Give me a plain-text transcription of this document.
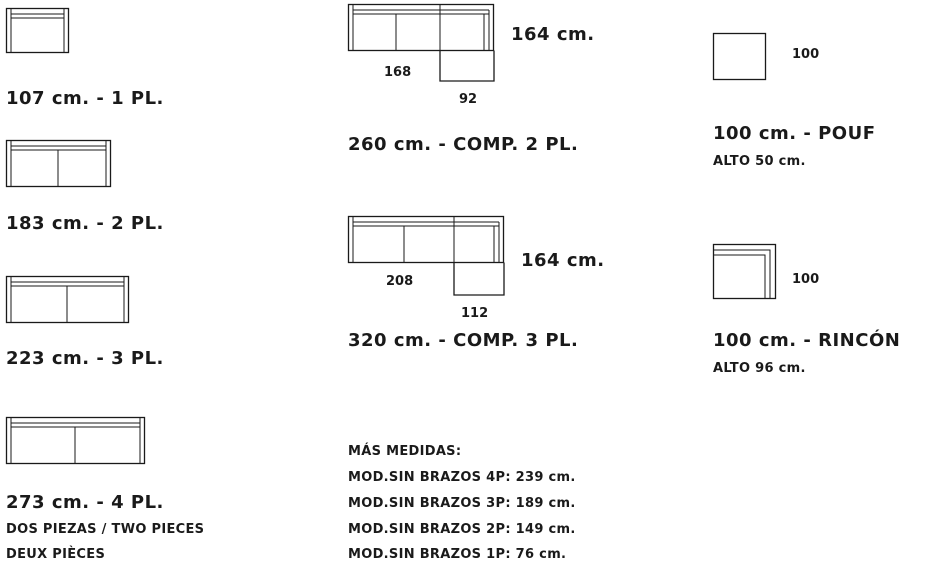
107 cm. - 1 PL.
183 cm. - 2 PL.
223 cm. - 3 PL.
273 cm. - 4 PL.
DOS PIEZAS / TWO PIECES
DEUX PIÈCES
168
92
164 cm.
260 cm. - COMP. 2 PL.
208
112
164 cm.
320 cm. - COMP. 3 PL.
MÁS MEDIDAS:
MOD.SIN BRAZOS 4P: 239 cm.
MOD.SIN BRAZOS 3P: 189 cm.
MOD.SIN BRAZOS 2P: 149 cm.
MOD.SIN BRAZOS 1P: 76 cm.
100
100 cm. - POUF
ALTO 50 cm.
100
100 cm. - RINCÓN
ALTO 96 cm.
